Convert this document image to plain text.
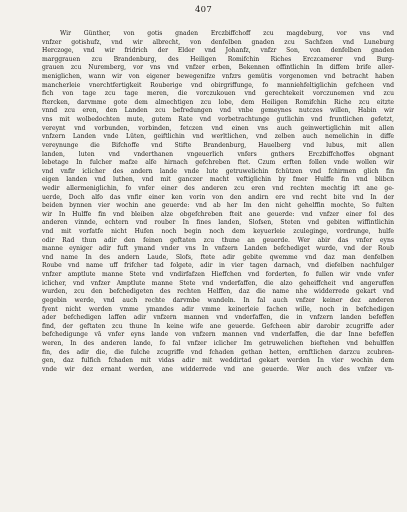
407
Wir Günther, von gotis gnaden Erczbiffchoff zcu magdeburg, vor vns vnd
vnfzer gotishufz, vnd wir albrecht, von denfelben gnaden zcu Sachfzen vnd Luneburg
Herczoge, vnd wir fridrich der Elder vnd Johanfz, vnfzr Son, von denfelben gnaden
marggrauen zcu Brandenburg, des Heiligen Romifchin Riches Erczcamerer vnd Burg-
grauen zcu Nuremberg, vor vns vnd vnfzer erben, Bekennen offintlichin In diffem brife aller-
meniglichen, wann wir von eigener bewegenifze vnfzrs gemütis vorgenomen vnd betracht haben
mancherleie vnerchtfertigkeit Rouberige vnd obirgriffunge, fo manniehfeltiglichin gefcheen vnd
fich von tage zcu tage meren, die vorczukouen vnd gerechtekeit vorczunemen vnd zcu
ftercken, darvmme gote dem almechtigen zcu lobe, dem Heiligen Romifchin Riche zcu eitzte
vnnd zcu eren, den Landen zcu befredungen vnd vnbe gemeynes nutczes willen, Habin wir
vns mit wolbedochten mute, gutem Rate vnd vorbetrachtunge gutlichin vnd fruntlichen gefetzt,
vereynt vnd vorbunden, vorbinden, fetczen vnd einen vns auch geinwertiglichin mit allen
vnfzern Landen vnde Lüten, geiftlichin vnd werltlichen, vnd zelben auch nemelichin in diffe
vereynunge die Bifchoffe vnd Stifte Brandenburg, Hauelberg vnd lubus, mit allen
landen, luten vnd vnderthanen vngeuerlich vnfers gnthers Erczbiffchoffes obgnant
lebetage In fulcher mafze alfe hirnach gefchreben ftet. Czum erften follen vnde wollen wir
vnd vnfir iclicher des andern lande vnde lute getruwelichin fchützen vnd fchirmen glich fin
eigen landen vnd luthen, vnd mit ganczer macht veftiglichin by fmer Hulffe fin vnd blibcn
wedir allermeniglichin, fo vnfer einer des anderen zcu eren vnd rechten mechtig ift ane ge-
uerde, Doch alfo das vnfir einer ken vorin von den andirn ere vnd recht bite vnd In der
beiden bynnen vier wochin ane geuerde: vnd ab her Im den nicht gehelffin mochte, So fulten
wir In Hulffe fin vnd bleiben alze obgefchreben fteit ane geuerde: vnd vnfzer einer fol des
anderen vinnde, echtern vnd rouber In fines landen, Slofsen, Steten vnd gebiten wiffintlichin
vnd mit vorfatfe nicht Hufen noch begin noch dem keyuerleie zculeginge, vordrunge, hulfe
odir Rad thun adir den feinen geftaten zcu thune an geuerde. Wer abir das vnfer eyns
manne eyniger adir fuft ymand vnder vns In vnfzern Landen befchediget wurde, vnd der Roub
vnd name In des andern Laude, Slofs, ftete adir gebite qwemme vnd daz man denfelben
Roube vnd name uff frifcher tad folgete, adir in vier tagen darnach, vnd diefelben nachfulger
vnfzer amptlute manne Stete vnd vndirfafzen Hieffchen vnd forderten, fo fullen wir vnde vnfer
iclicher, vnd vnfzer Amptlute manne Stete vnd vnderfaffen, die alzo geheiffcheit vnd angeruffen
wurden, zcu den befchedigeten des rechten Helffen, daz die name nhe widderrede gekart vnd
gegebin werde, vnd auch rechte darvmbe wandeln. In fal auch vnfzer keiner dez anderen
fyent nicht werden vmme ymandes adir vmme keinerleie fachen wille, noch in befchedigen
ader befchedigen laffen adir vnfzern mannen vnd vnderfaffen, die in vnfzern landen befeffen
find, der geftaten zcu thune In keine wife ane geuerde. Gefcheen abir darobir zcugriffe ader
befchedigunge vā vnfer eyns lande von vnfzern mannen vnd vnderfaffen, die dar Inne befeffen
weren, In des anderen lande, fo fal vnfzer iclicher Im getruwelichen bieftehen vnd behulffen
fin, des adir die, die fulche zcugriffe vnd fchaden gethan hetten, ernftlichen darzcu zcubren-
gen, daz fulfich fchaden mit vidas adir mit weddirtad gekart werden In vier wochin dem
vnde wir dez ernant werden, ane widderrede vnd ane geuerde. Wer auch des vnfzer vn-
